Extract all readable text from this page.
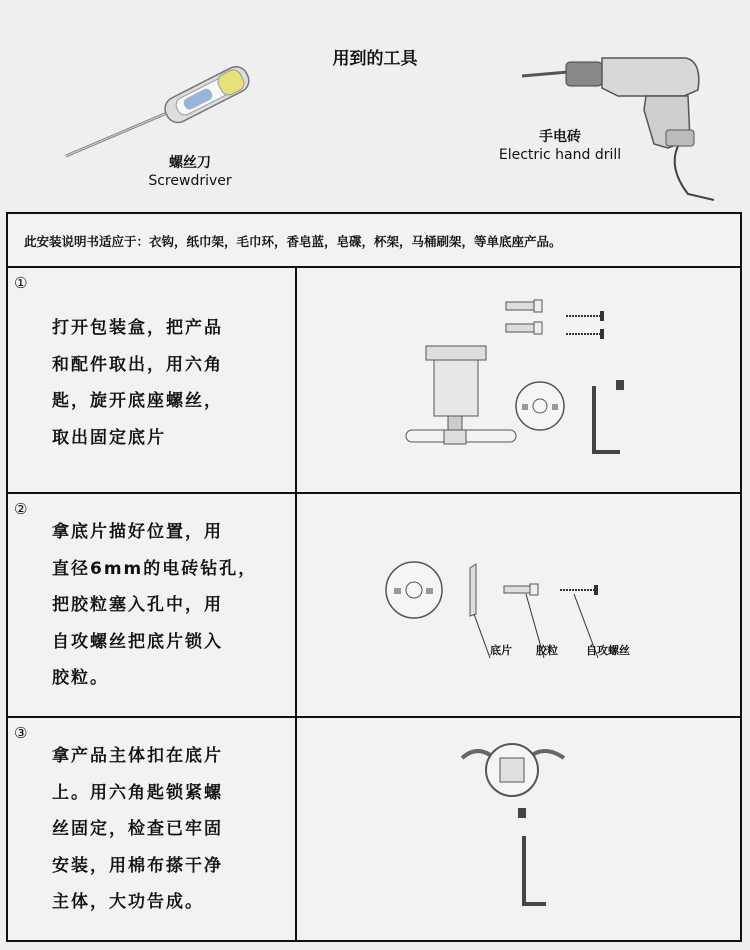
用到的工具
螺丝刀
Screwdriver
手电砖
Electric hand drill
此安装说明书适应于：衣钩，纸巾架，毛巾环，香皂蓝，皂碟，杯架，马桶刷架，等单底座产品。
①
打开包装盒，把产品
和配件取出，用六角
匙，旋开底座螺丝，
取出固定底片
②
拿底片描好位置，用
直径6mm的电砖钻孔，
把胶粒塞入孔中，用
自攻螺丝把底片锁入
胶粒。
③
拿产品主体扣在底片
上。用六角匙锁紧螺
丝固定，检查已牢固
安装，用棉布搽干净
主体，大功告成。
底片 胶粒	自攻螺丝
